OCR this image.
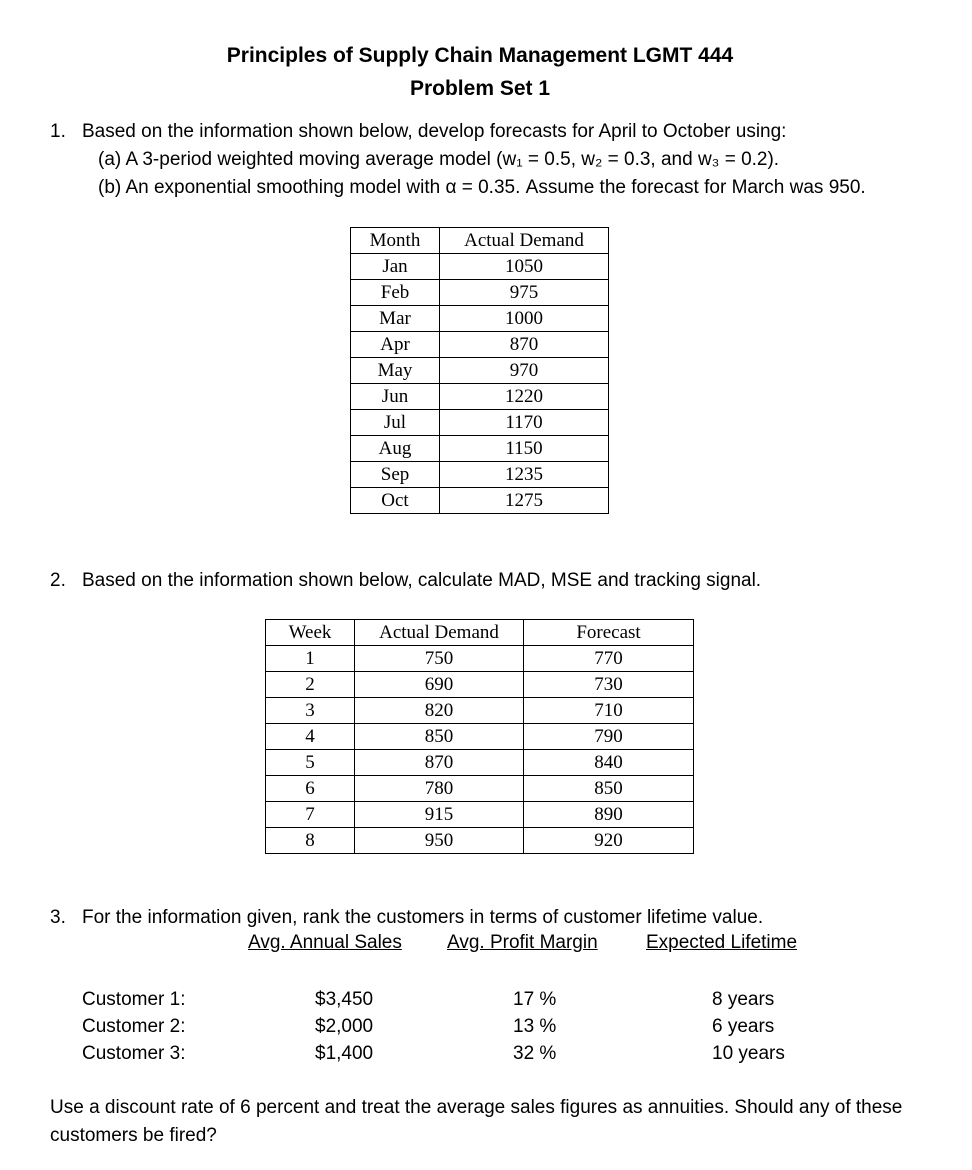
Principles of Supply Chain Management LGMT 444
Problem Set 1
1. Based on the information shown below, develop forecasts for April to October using:
(a) A 3-period weighted moving average model (w₁ = 0.5, w₂ = 0.3, and w₃ = 0.2).
(b) An exponential smoothing model with α = 0.35. Assume the forecast for March was 950.
Month	Actual Demand
Jan	1050
Feb	975
Mar	1000
Apr	870
May	970
Jun	1220
Jul	1170
Aug	1150
Sep	1235
Oct	1275
2. Based on the information shown below, calculate MAD, MSE and tracking signal.
Week	Actual Demand	Forecast
1	750	770
2	690	730
3	820	710
4	850	790
5	870	840
6	780	850
7	915	890
8	950	920
3. For the information given, rank the customers in terms of customer lifetime value.
Avg. Annual Sales Avg. Profit Margin	Expected Lifetime
Customer 1:	$3,450	17 %	8 years
Customer 2:	$2,000	13 %	6 years
Customer 3:	$1,400	32 %	10 years
Use a discount rate of 6 percent and treat the average sales figures as annuities. Should any of these customers be fired?
